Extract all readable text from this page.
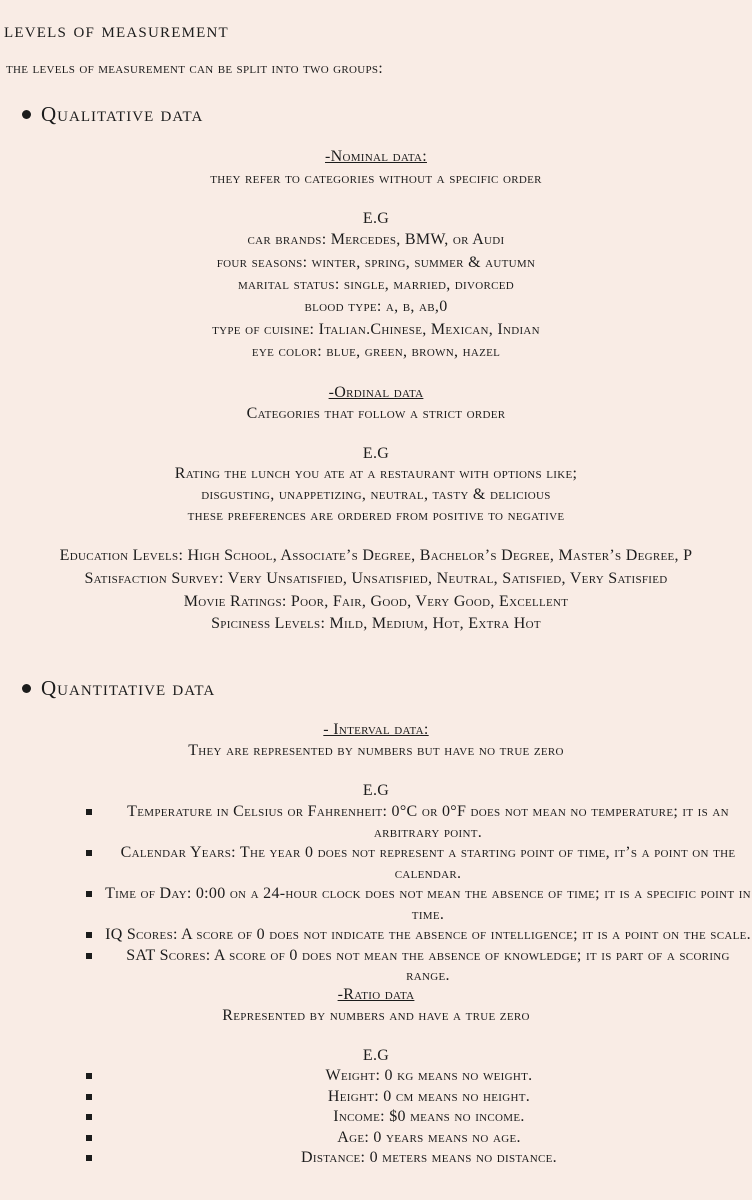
levels of measurement
the levels of measurement can be split into two groups:
Qualitative data
-Nominal data:
they refer to categories without a specific order
E.G
car brands: Mercedes, BMW, or Audi
four seasons: winter, spring, summer & autumn
marital status: single, married, divorced
blood type: a, b, ab,0
type of cuisine: Italian.Chinese, Mexican, Indian
eye color: blue, green, brown, hazel
-Ordinal data
Categories that follow a strict order
E.G
Rating the lunch you ate at a restaurant with options like;
disgusting, unappetizing, neutral, tasty & delicious
these preferences are ordered from positive to negative
Education Levels: High School, Associate’s Degree, Bachelor’s Degree, Master’s Degree, P
Satisfaction Survey: Very Unsatisfied, Unsatisfied, Neutral, Satisfied, Very Satisfied
Movie Ratings: Poor, Fair, Good, Very Good, Excellent
Spiciness Levels: Mild, Medium, Hot, Extra Hot
Quantitative data
- Interval data:
They are represented by numbers but have no true zero
E.G
Temperature in Celsius or Fahrenheit: 0°C or 0°F does not mean no temperature; it is an arbitrary point.
Calendar Years: The year 0 does not represent a starting point of time, it’s a point on the calendar.
Time of Day: 0:00 on a 24-hour clock does not mean the absence of time; it is a specific point in time.
IQ Scores: A score of 0 does not indicate the absence of intelligence; it is a point on the scale.
SAT Scores: A score of 0 does not mean the absence of knowledge; it is part of a scoring range.
-Ratio data
Represented by numbers and have a true zero
E.G
Weight: 0 kg means no weight.
Height: 0 cm means no height.
Income: $0 means no income.
Age: 0 years means no age.
Distance: 0 meters means no distance.
